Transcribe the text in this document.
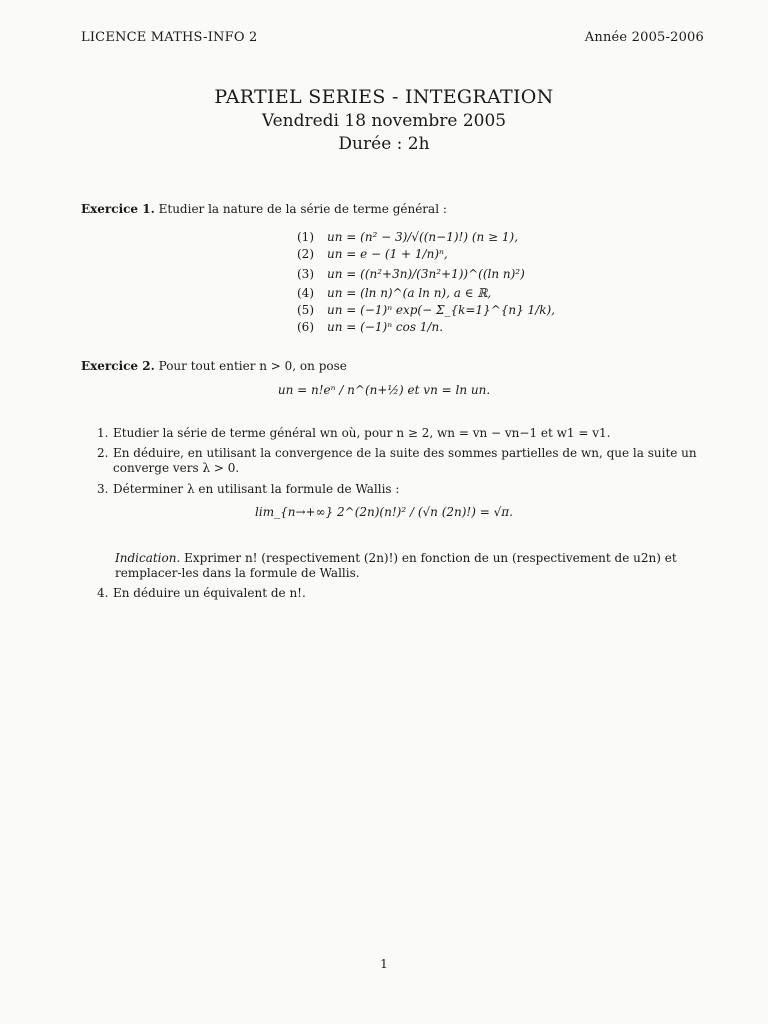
LICENCE MATHS-INFO 2	Année 2005-2006
PARTIEL SERIES - INTEGRATION
Vendredi 18 novembre 2005
Durée : 2h
Exercice 1. Etudier la nature de la série de terme général :
(1)	un = (n² − 3)/√((n−1)!) (n ≥ 1),
(2)	un = e − (1 + 1/n)ⁿ,
(3)	un = ((n²+3n)/(3n²+1))^((ln n)²)
(4)	un = (ln n)^(a ln n), a ∈ ℝ,
(5)	un = (−1)ⁿ exp(− Σ_{k=1}^{n} 1/k),
(6)	un = (−1)ⁿ cos 1/n.
Exercice 2. Pour tout entier n > 0, on pose
un = n!eⁿ / n^(n+½) et vn = ln un.
1. Etudier la série de terme général wn où, pour n ≥ 2, wn = vn − vn−1 et w1 = v1.
2. En déduire, en utilisant la convergence de la suite des sommes partielles de wn, que la suite un converge vers λ > 0.
3. Déterminer λ en utilisant la formule de Wallis :
4. En déduire un équivalent de n!.
lim_{n→+∞} 2^(2n)(n!)² / (√n (2n)!) = √π.
Indication. Exprimer n! (respectivement (2n)!) en fonction de un (respectivement de u2n) et remplacer-les dans la formule de Wallis.
1
